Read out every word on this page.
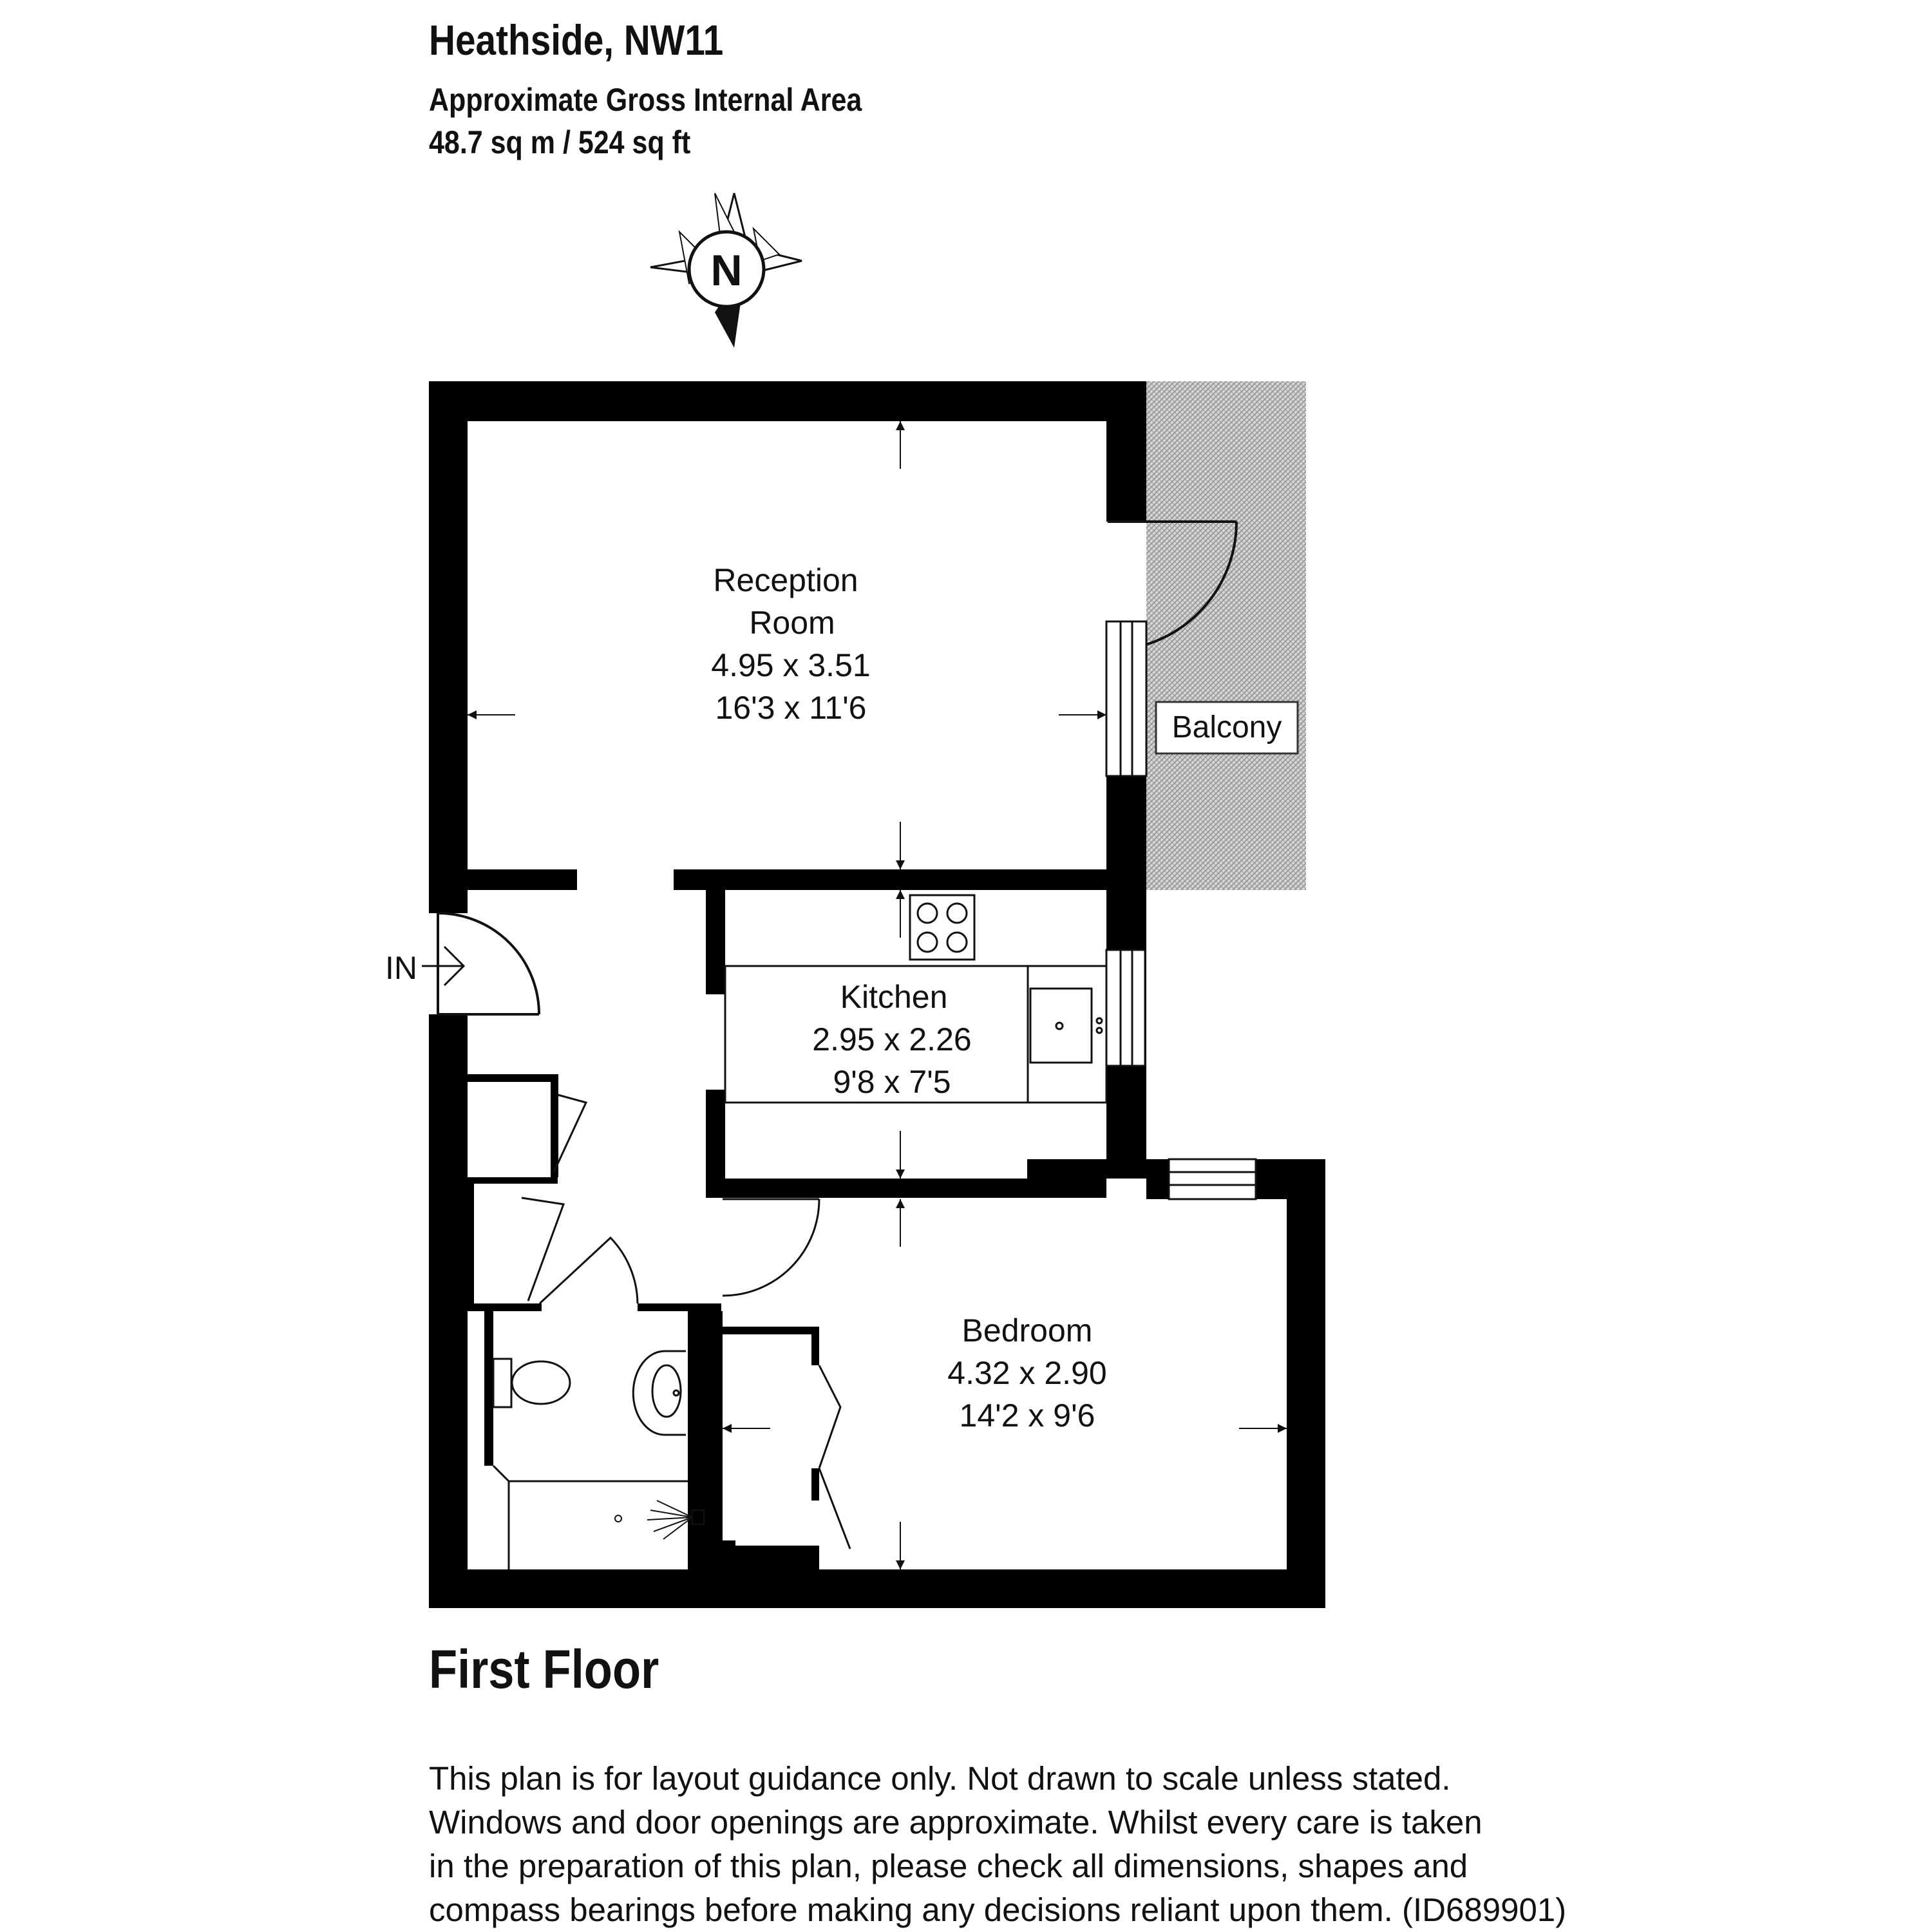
Heathside, NW11
Approximate Gross Internal Area
48.7 sq m / 524 sq ft
N
Balcony
IN
Reception
Room
4.95 x 3.51
16'3 x 11'6
Kitchen
2.95 x 2.26
9'8 x 7'5
Bedroom
4.32 x 2.90
14'2 x 9'6
First Floor
This plan is for layout guidance only. Not drawn to scale unless stated.
Windows and door openings are approximate. Whilst every care is taken
in the preparation of this plan, please check all dimensions, shapes and
compass bearings before making any decisions reliant upon them. (ID689901)
